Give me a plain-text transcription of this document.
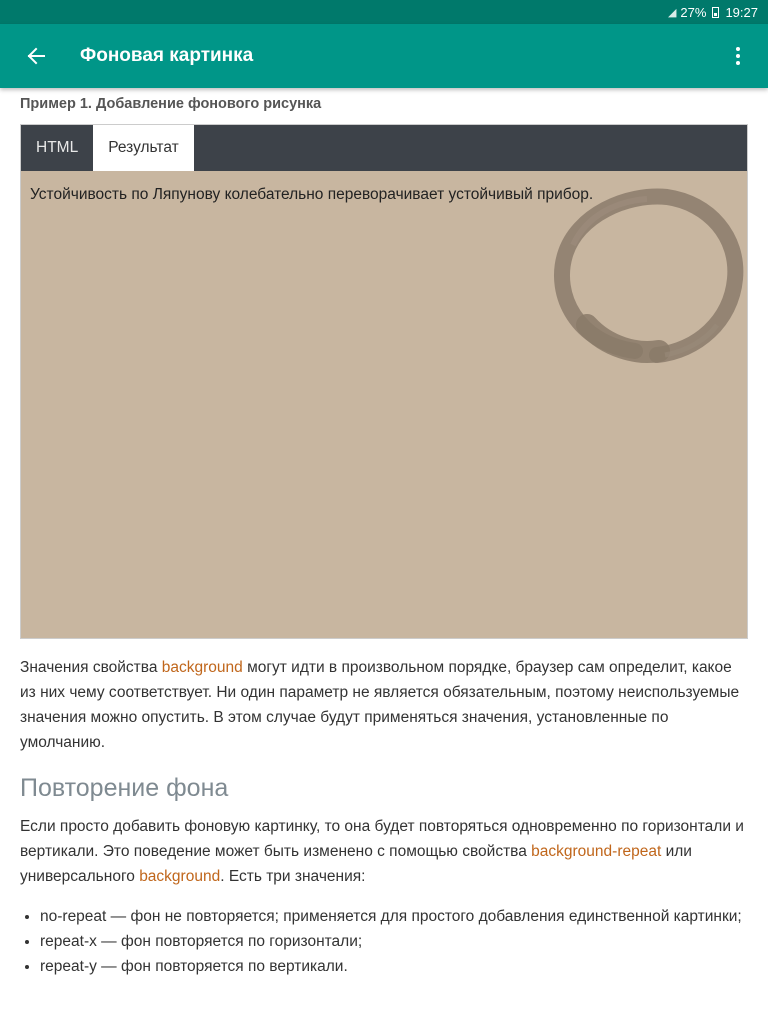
◢ 27% 19:27
Фоновая картинка
Пример 1. Добавление фонового рисунка
HTML	Результат

Устойчивость по Ляпунову колебательно переворачивает устойчивый прибор.

Значения свойства background могут идти в произвольном порядке, браузер сам определит, какое из них чему соответствует. Ни один параметр не является обязательным, поэтому неиспользуемые значения можно опустить. В этом случае будут применяться значения, установленные по умолчанию.

Повторение фона

Если просто добавить фоновую картинку, то она будет повторяться одновременно по горизонтали и вертикали. Это поведение может быть изменено с помощью свойства background-repeat или универсального background. Есть три значения:

• no-repeat — фон не повторяется; применяется для простого добавления единственной картинки;
• repeat-x — фон повторяется по горизонтали;
• repeat-y — фон повторяется по вертикали.
